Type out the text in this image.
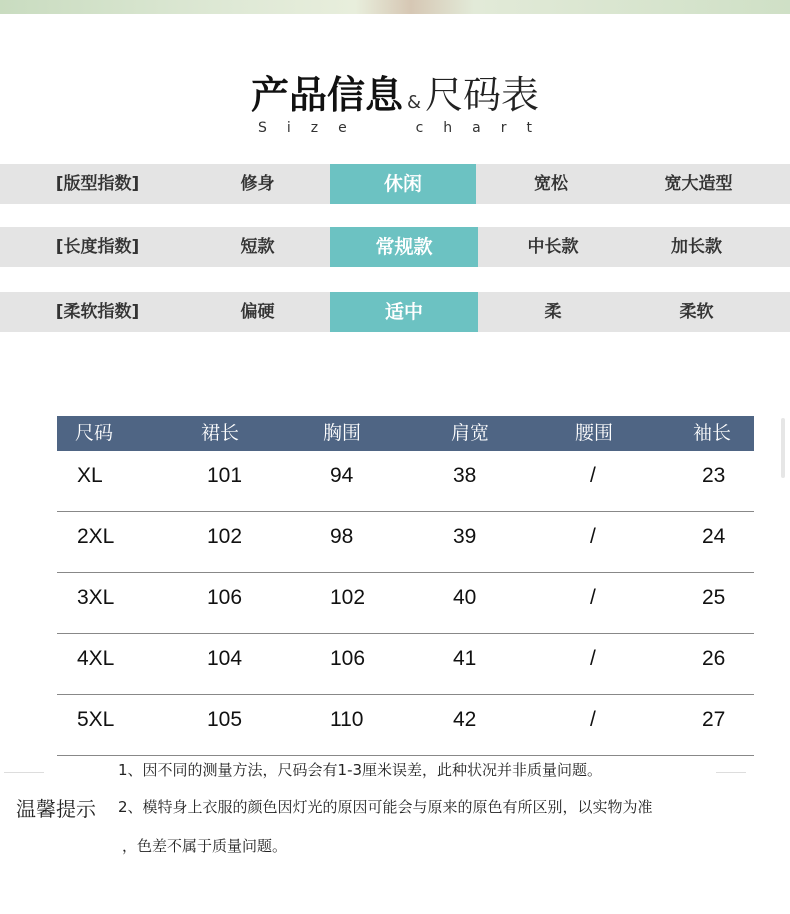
产品信息 & 尺码表
Size  chart
[版型指数]	修身	休闲	宽松	宽大造型
[长度指数]	短款	常规款	中长款	加长款
[柔软指数]	偏硬	适中	柔	柔软
尺码	裙长	胸围	肩宽	腰围	袖长
XL	101	94	38	/	23
2XL	102	98	39	/	24
3XL	106	102	40	/	25
4XL	104	106	41	/	26
5XL	105	110	42	/	27
温馨提示
1、因不同的测量方法，尺码会有1-3厘米误差，此种状况并非质量问题。
2、模特身上衣服的颜色因灯光的原因可能会与原来的原色有所区别，以实物为准
，色差不属于质量问题。
